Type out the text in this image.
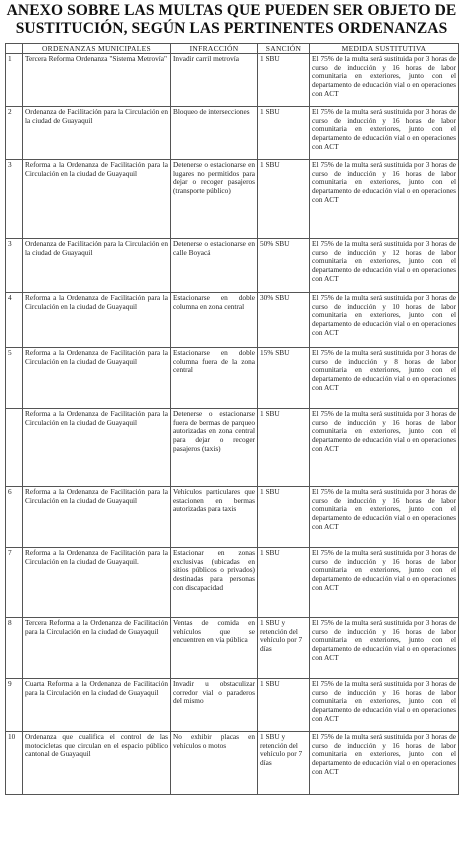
ANEXO SOBRE LAS MULTAS QUE PUEDEN SER OBJETO DE
SUSTITUCIÓN, SEGÚN LAS PERTINENTES ORDENANZAS
	ORDENANZAS MUNICIPALES	INFRACCIÓN	SANCIÓN	MEDIDA SUSTITUTIVA
1	Tercera Reforma Ordenanza "Sistema Metrovía"	Invadir carril metrovía	1 SBU	El 75% de la multa será sustituida por 3 horas de curso de inducción y 16 horas de labor comunitaria en exteriores, junto con el departamento de educación vial o en operaciones con ACT
2	Ordenanza de Facilitación para la Circulación en la ciudad de Guayaquil	Bloqueo de intersecciones	1 SBU	El 75% de la multa será sustituida por 3 horas de curso de inducción y 16 horas de labor comunitaria en exteriores, junto con el departamento de educación vial o en operaciones con ACT
3	Reforma a la Ordenanza de Facilitación para la Circulación en la ciudad de Guayaquil	Detenerse o estacionarse en lugares no permitidos para dejar o recoger pasajeros (transporte público)	1 SBU	El 75% de la multa será sustituida por 3 horas de curso de inducción y 16 horas de labor comunitaria en exteriores, junto con el departamento de educación vial o en operaciones con ACT
3	Ordenanza de Facilitación para la Circulación en la ciudad de Guayaquil	Detenerse o estacionarse en calle Boyacá	50% SBU	El 75% de la multa será sustituida por 3 horas de curso de inducción y 12 horas de labor comunitaria en exteriores, junto con el departamento de educación vial o en operaciones con ACT
4	Reforma a la Ordenanza de Facilitación para la Circulación en la ciudad de Guayaquil	Estacionarse en doble columna en zona central	30% SBU	El 75% de la multa será sustituida por 3 horas de curso de inducción y 10 horas de labor comunitaria en exteriores, junto con el departamento de educación vial o en operaciones con ACT
5	Reforma a la Ordenanza de Facilitación para la Circulación en la ciudad de Guayaquil	Estacionarse en doble columna fuera de la zona central	15% SBU	El 75% de la multa será sustituida por 3 horas de curso de inducción y 8 horas de labor comunitaria en exteriores, junto con el departamento de educación vial o en operaciones con ACT
	Reforma a la Ordenanza de Facilitación para la Circulación en la ciudad de Guayaquil	Detenerse o estacionarse fuera de bermas de parqueo autorizadas en zona central para dejar o recoger pasajeros (taxis)	1 SBU	El 75% de la multa será sustituida por 3 horas de curso de inducción y 16 horas de labor comunitaria en exteriores, junto con el departamento de educación vial o en operaciones con ACT
6	Reforma a la Ordenanza de Facilitación para la Circulación en la ciudad de Guayaquil	Vehículos particulares que estacionen en bermas autorizadas para taxis	1 SBU	El 75% de la multa será sustituida por 3 horas de curso de inducción y 16 horas de labor comunitaria en exteriores, junto con el departamento de educación vial o en operaciones con ACT
7	Reforma a la Ordenanza de Facilitación para la Circulación en la ciudad de Guayaquil.	Estacionar en zonas exclusivas (ubicadas en sitios públicos o privados) destinadas para personas con discapacidad	1 SBU	El 75% de la multa será sustituida por 3 horas de curso de inducción y 16 horas de labor comunitaria en exteriores, junto con el departamento de educación vial o en operaciones con ACT
8	Tercera Reforma a la Ordenanza de Facilitación para la Circulación en la ciudad de Guayaquil	Ventas de comida en vehículos que se encuentren en vía pública	1 SBU y retención del vehículo por 7 días	El 75% de la multa será sustituida por 3 horas de curso de inducción y 16 horas de labor comunitaria en exteriores, junto con el departamento de educación vial o en operaciones con ACT
9	Cuarta Reforma a la Ordenanza de Facilitación para la Circulación en la ciudad de Guayaquil	Invadir u obstaculizar corredor vial o paraderos del mismo	1 SBU	El 75% de la multa será sustituida por 3 horas de curso de inducción y 16 horas de labor comunitaria en exteriores, junto con el departamento de educación vial o en operaciones con ACT
10	Ordenanza que cualifica el control de las motocicletas que circulan en el espacio público cantonal de Guayaquil	No exhibir placas en vehículos o motos	1 SBU y retención del vehículo por 7 días	El 75% de la multa será sustituida por 3 horas de curso de inducción y 16 horas de labor comunitaria en exteriores, junto con el departamento de educación vial o en operaciones con ACT
